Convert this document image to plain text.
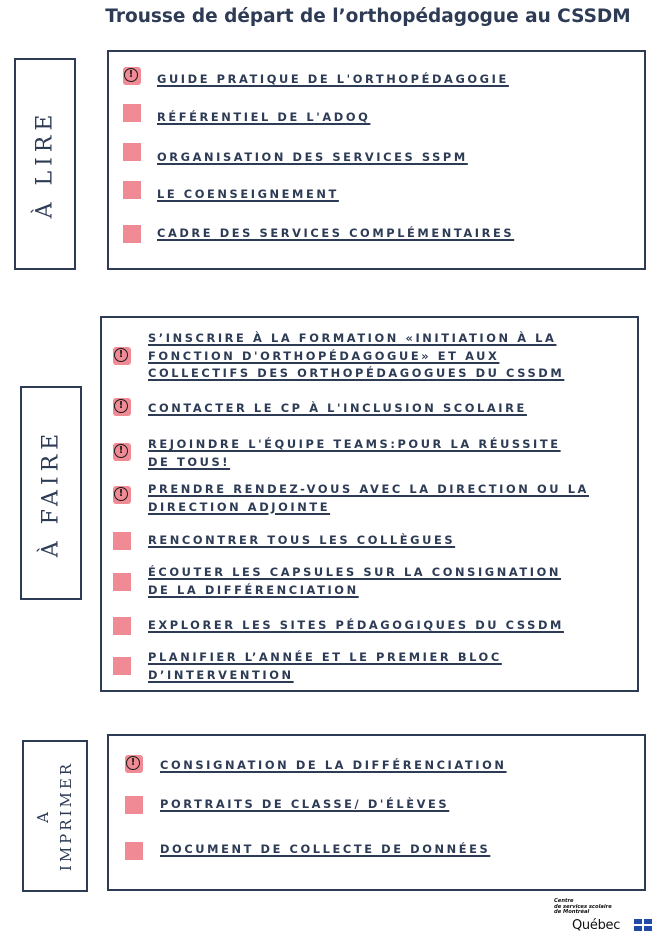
Trousse de départ de l’orthopédagogue au CSSDM
À LIRE
!
GUIDE PRATIQUE DE L'ORTHOPÉDAGOGIE
RÉFÉRENTIEL DE L'ADOQ
ORGANISATION DES SERVICES SSPM
LE COENSEIGNEMENT
CADRE DES SERVICES COMPLÉMENTAIRES
À FAIRE
!
S’INSCRIRE À LA FORMATION «INITIATION À LA
FONCTION D'ORTHOPÉDAGOGUE» ET AUX
COLLECTIFS DES ORTHOPÉDAGOGUES DU CSSDM
!
CONTACTER LE CP À L'INCLUSION SCOLAIRE
!
REJOINDRE L'ÉQUIPE TEAMS:POUR LA RÉUSSITE
DE TOUS!
!
PRENDRE RENDEZ-VOUS AVEC LA DIRECTION OU LA
DIRECTION ADJOINTE
RENCONTRER TOUS LES COLLÈGUES
ÉCOUTER LES CAPSULES SUR LA CONSIGNATION
DE LA DIFFÉRENCIATION
EXPLORER LES SITES PÉDAGOGIQUES DU CSSDM
PLANIFIER L’ANNÉE ET LE PREMIER BLOC
D’INTERVENTION
A IMPRIMER
!	CONSIGNATION DE LA DIFFÉRENCIATION
PORTRAITS DE CLASSE/ D'ÉLÈVES
DOCUMENT DE COLLECTE DE DONNÉES
Centre
de services scolaire
de Montréal
Québec
